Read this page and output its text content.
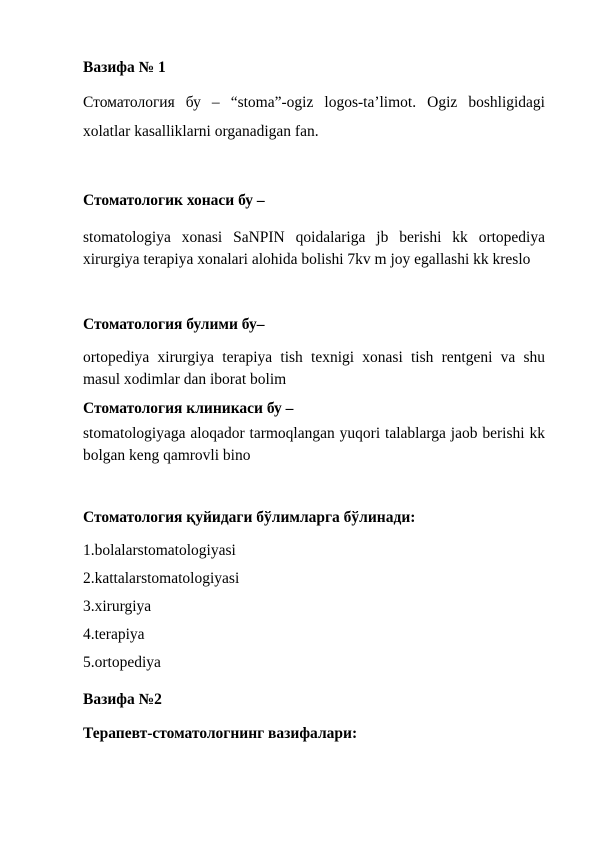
Вазифа № 1
Стоматология бу – “stoma”-ogiz logos-ta’limot. Ogiz boshligidagi xolatlar kasalliklarni organadigan fan.
Стоматологик хонаси бу –
stomatologiya xonasi SaNPIN qoidalariga jb berishi kk ortopediya xirurgiya terapiya xonalari alohida bolishi 7kv m joy egallashi kk kreslo
Стоматология булими бу–
ortopediya xirurgiya terapiya tish texnigi xonasi tish rentgeni va shu masul xodimlar dan iborat bolim
Стоматология клиникаси бу –
stomatologiyaga aloqador tarmoqlangan yuqori talablarga jaob berishi kk bolgan keng qamrovli bino
Стоматология қуйидаги бўлимларга бўлинади:
1.bolalarstomatologiyasi
2.kattalarstomatologiyasi
3.xirurgiya
4.terapiya
5.ortopediya
Вазифа №2
Терапевт-стоматологнинг вазифалари:
